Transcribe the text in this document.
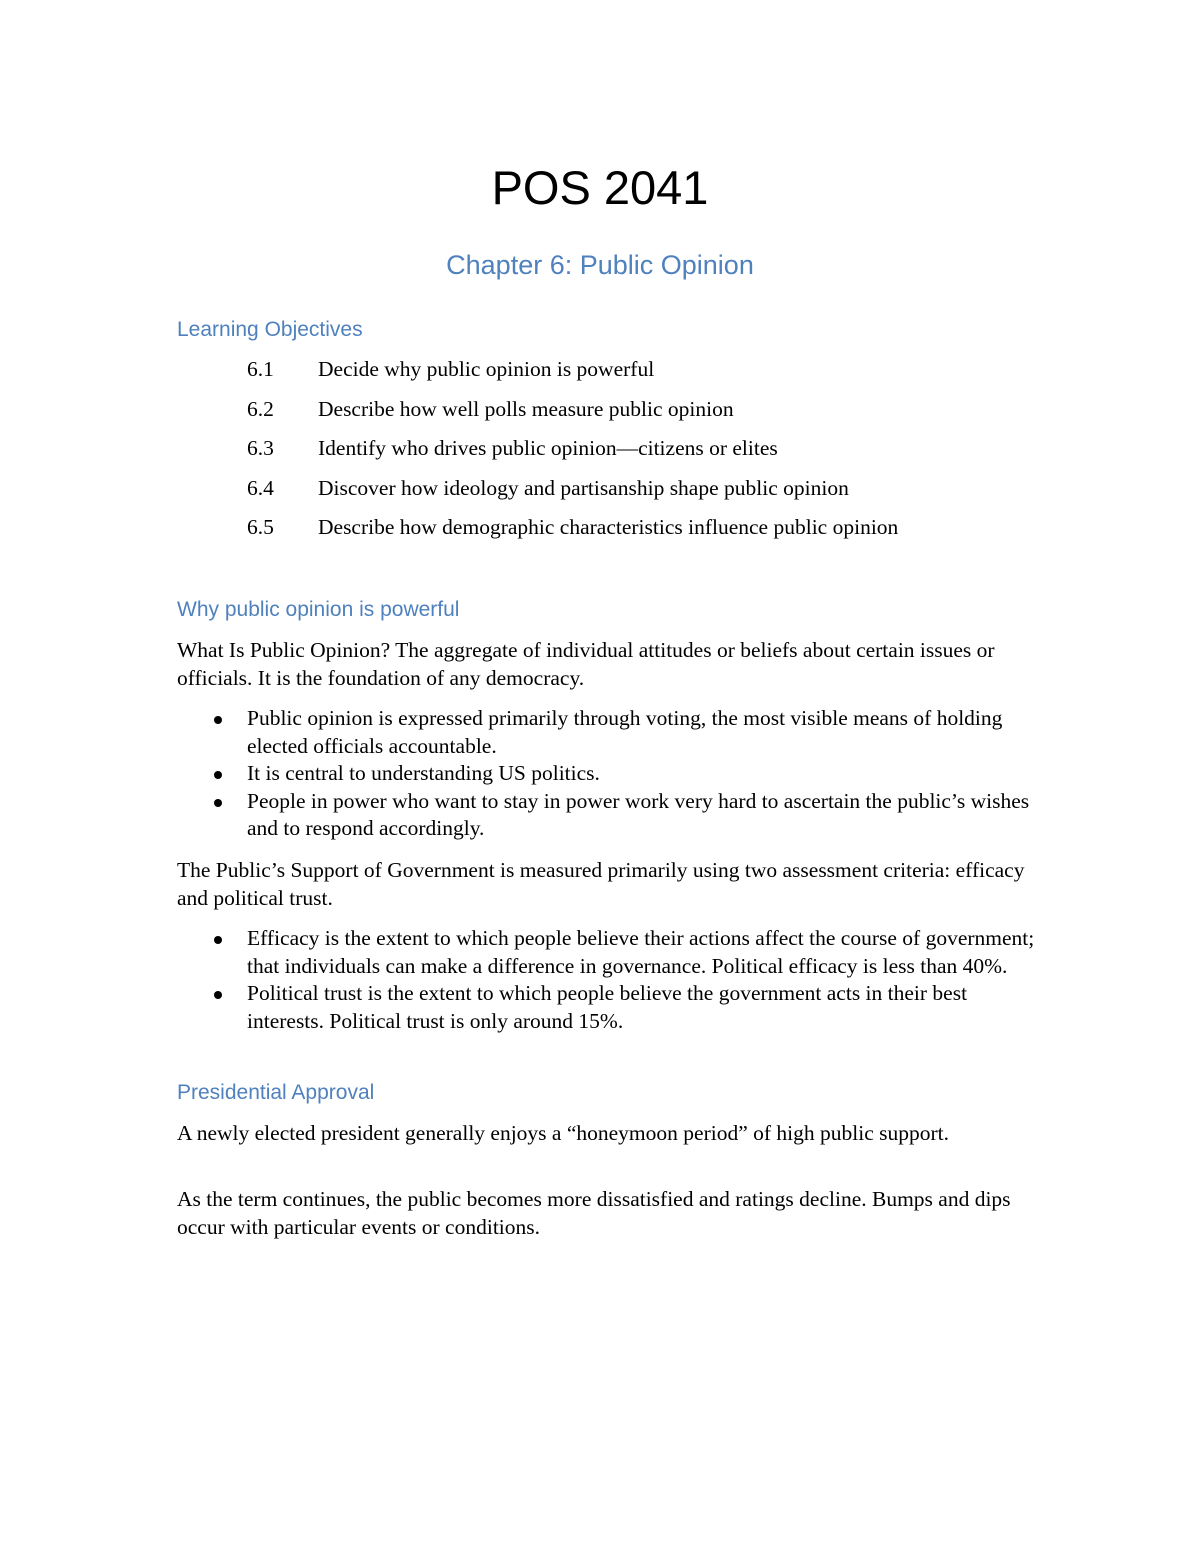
POS 2041
Chapter 6: Public Opinion
Learning Objectives
6.1	Decide why public opinion is powerful
6.2	Describe how well polls measure public opinion
6.3	Identify who drives public opinion—citizens or elites
6.4	Discover how ideology and partisanship shape public opinion
6.5	Describe how demographic characteristics influence public opinion
Why public opinion is powerful

What Is Public Opinion? The aggregate of individual attitudes or beliefs about certain issues or officials. It is the foundation of any democracy.

Public opinion is expressed primarily through voting, the most visible means of holding elected officials accountable.
It is central to understanding US politics.
People in power who want to stay in power work very hard to ascertain the public’s wishes and to respond accordingly.

The Public’s Support of Government is measured primarily using two assessment criteria: efficacy and political trust.

Efficacy is the extent to which people believe their actions affect the course of government; that individuals can make a difference in governance. Political efficacy is less than 40%.
Political trust is the extent to which people believe the government acts in their best interests. Political trust is only around 15%.
Presidential Approval

A newly elected president generally enjoys a “honeymoon period” of high public support.

As the term continues, the public becomes more dissatisfied and ratings decline. Bumps and dips occur with particular events or conditions.
